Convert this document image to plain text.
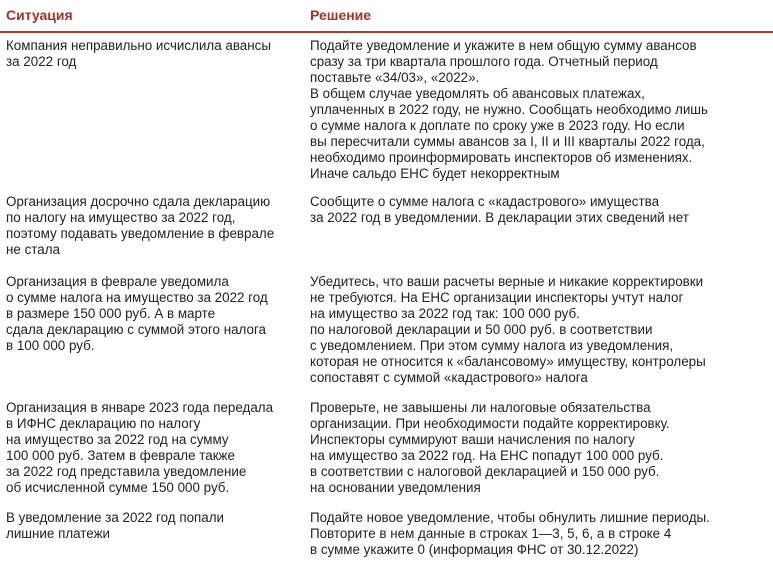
Ситуация	Решение
Компания неправильно исчислила авансы
за 2022 год
Подайте уведомление и укажите в нем общую сумму авансов
сразу за три квартала прошлого года. Отчетный период
поставьте «34/03», «2022».
В общем случае уведомлять об авансовых платежах,
уплаченных в 2022 году, не нужно. Сообщать необходимо лишь
о сумме налога к доплате по сроку уже в 2023 году. Но если
вы пересчитали суммы авансов за I, II и III кварталы 2022 года,
необходимо проинформировать инспекторов об изменениях.
Иначе сальдо ЕНС будет некорректным
Организация досрочно сдала декларацию
по налогу на имущество за 2022 год,
поэтому подавать уведомление в феврале
не стала
Сообщите о сумме налога с «кадастрового» имущества
за 2022 год в уведомлении. В декларации этих сведений нет
Организация в феврале уведомила
о сумме налога на имущество за 2022 год
в размере 150 000 руб. А в марте
сдала декларацию с суммой этого налога
в 100 000 руб.
Убедитесь, что ваши расчеты верные и никакие корректировки
не требуются. На ЕНС организации инспекторы учтут налог
на имущество за 2022 год так: 100 000 руб.
по налоговой декларации и 50 000 руб. в соответствии
с уведомлением. При этом сумму налога из уведомления,
которая не относится к «балансовому» имуществу, контролеры
сопоставят с суммой «кадастрового» налога
Организация в январе 2023 года передала
в ИФНС декларацию по налогу
на имущество за 2022 год на сумму
100 000 руб. Затем в феврале также
за 2022 год представила уведомление
об исчисленной сумме 150 000 руб.
Проверьте, не завышены ли налоговые обязательства
организации. При необходимости подайте корректировку.
Инспекторы суммируют ваши начисления по налогу
на имущество за 2022 год. На ЕНС попадут 100 000 руб.
в соответствии с налоговой декларацией и 150 000 руб.
на основании уведомления
В уведомление за 2022 год попали
лишние платежи
Подайте новое уведомление, чтобы обнулить лишние периоды.
Повторите в нем данные в строках 1—3, 5, 6, а в строке 4
в сумме укажите 0 (информация ФНС от 30.12.2022)
